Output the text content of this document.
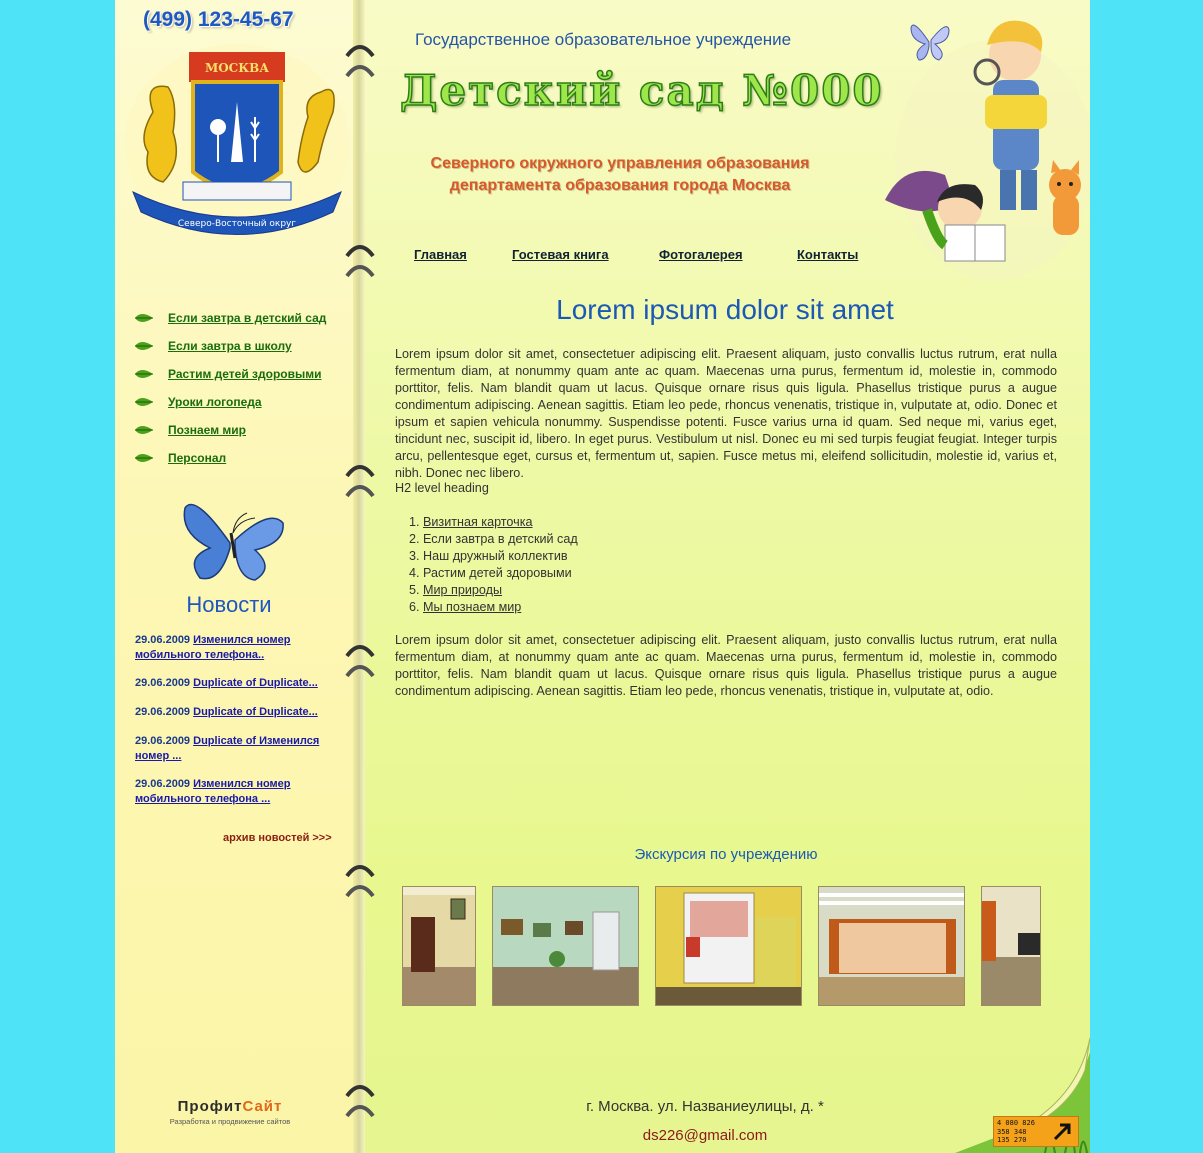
(499) 123-45-67
МОСКВА
Северо-Восточный округ
Если завтра в детский сад
Если завтра в школу
Растим детей здоровыми
Уроки логопеда
Познаем мир
Персонал
Новости
29.06.2009 Изменился номер мобильного телефона..
29.06.2009 Duplicate of Duplicate...
29.06.2009 Duplicate of Duplicate...
29.06.2009 Duplicate of Изменился номер ...
29.06.2009 Изменился номер мобильного телефона ...
архив новостей >>>
ПрофитСайт
Разработка и продвижение сайтов
Государственное образовательное учреждение
Детский сад №000
Северного окружного управления образования
департамента образования города Москва
Главная	Гостевая книга	Фотогалерея	Контакты
Lorem ipsum dolor sit amet
Lorem ipsum dolor sit amet, consectetuer adipiscing elit. Praesent aliquam, justo convallis luctus rutrum, erat nulla fermentum diam, at nonummy quam ante ac quam. Maecenas urna purus, fermentum id, molestie in, commodo porttitor, felis. Nam blandit quam ut lacus. Quisque ornare risus quis ligula. Phasellus tristique purus a augue condimentum adipiscing. Aenean sagittis. Etiam leo pede, rhoncus venenatis, tristique in, vulputate at, odio. Donec et ipsum et sapien vehicula nonummy. Suspendisse potenti. Fusce varius urna id quam. Sed neque mi, varius eget, tincidunt nec, suscipit id, libero. In eget purus. Vestibulum ut nisl. Donec eu mi sed turpis feugiat feugiat. Integer turpis arcu, pellentesque eget, cursus et, fermentum ut, sapien. Fusce metus mi, eleifend sollicitudin, molestie id, varius et, nibh. Donec nec libero.
H2 level heading
1. Визитная карточка
2. Если завтра в детский сад
3. Наш дружный коллектив
4. Растим детей здоровыми
5. Мир природы
6. Мы познаем мир
Lorem ipsum dolor sit amet, consectetuer adipiscing elit. Praesent aliquam, justo convallis luctus rutrum, erat nulla fermentum diam, at nonummy quam ante ac quam. Maecenas urna purus, fermentum id, molestie in, commodo porttitor, felis. Nam blandit quam ut lacus. Quisque ornare risus quis ligula. Phasellus tristique purus a augue condimentum adipiscing. Aenean sagittis. Etiam leo pede, rhoncus venenatis, tristique in, vulputate at, odio.
Экскурсия по учреждению
г. Москва. ул. Названиеулицы, д. *
ds226@gmail.com
4 080 826
358 348
135 270
